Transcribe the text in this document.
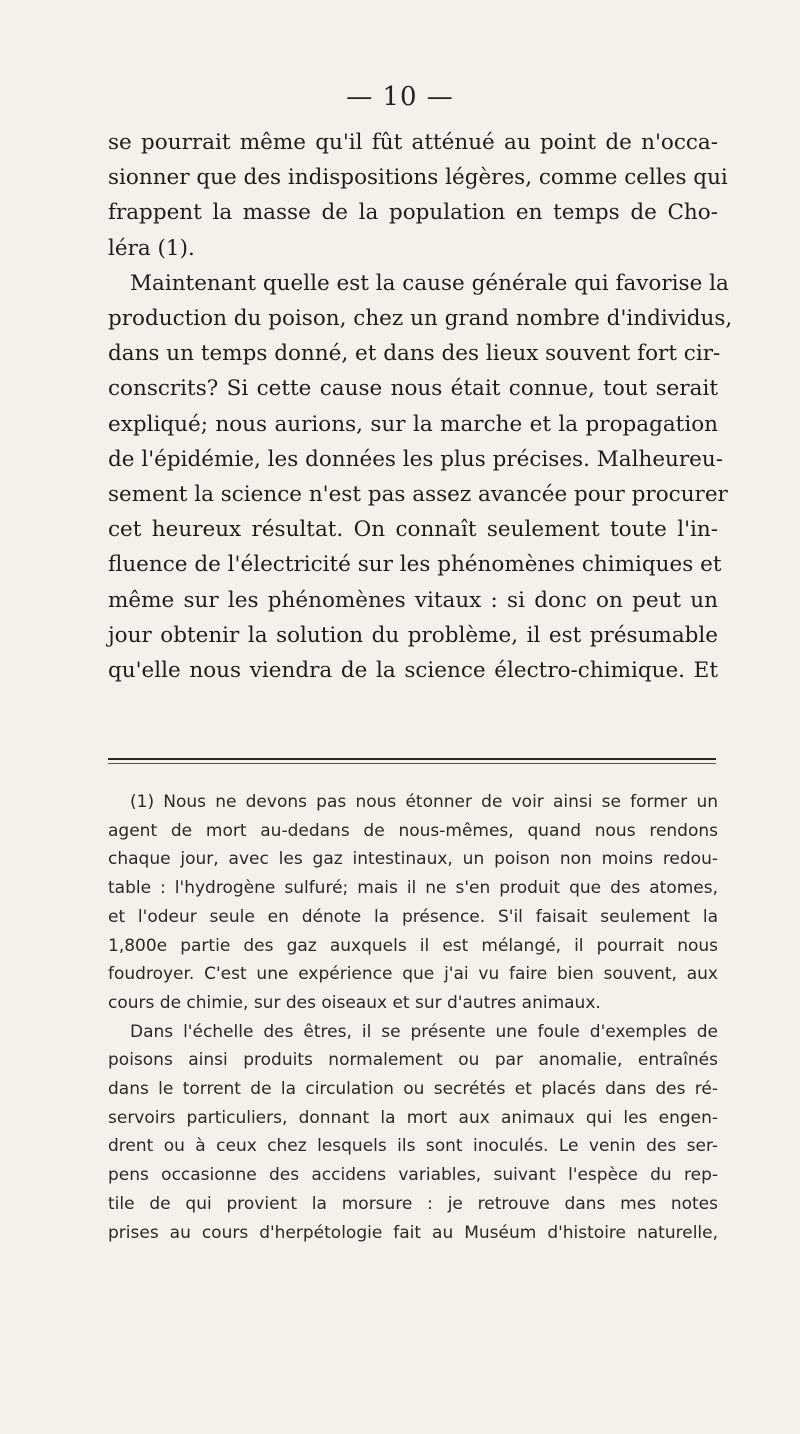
— 10 —
se pourrait même qu'il fût atténué au point de n'occa-
sionner que des indispositions légères, comme celles qui
frappent la masse de la population en temps de Cho-
léra (1).
Maintenant quelle est la cause générale qui favorise la
production du poison, chez un grand nombre d'individus,
dans un temps donné, et dans des lieux souvent fort cir-
conscrits? Si cette cause nous était connue, tout serait
expliqué; nous aurions, sur la marche et la propagation
de l'épidémie, les données les plus précises. Malheureu-
sement la science n'est pas assez avancée pour procurer
cet heureux résultat. On connaît seulement toute l'in-
fluence de l'électricité sur les phénomènes chimiques et
même sur les phénomènes vitaux : si donc on peut un
jour obtenir la solution du problème, il est présumable
qu'elle nous viendra de la science électro-chimique. Et
(1) Nous ne devons pas nous étonner de voir ainsi se former un
agent de mort au-dedans de nous-mêmes, quand nous rendons
chaque jour, avec les gaz intestinaux, un poison non moins redou-
table : l'hydrogène sulfuré; mais il ne s'en produit que des atomes,
et l'odeur seule en dénote la présence. S'il faisait seulement la
1,800e partie des gaz auxquels il est mélangé, il pourrait nous
foudroyer. C'est une expérience que j'ai vu faire bien souvent, aux
cours de chimie, sur des oiseaux et sur d'autres animaux.
Dans l'échelle des êtres, il se présente une foule d'exemples de
poisons ainsi produits normalement ou par anomalie, entraînés
dans le torrent de la circulation ou secrétés et placés dans des ré-
servoirs particuliers, donnant la mort aux animaux qui les engen-
drent ou à ceux chez lesquels ils sont inoculés. Le venin des ser-
pens occasionne des accidens variables, suivant l'espèce du rep-
tile de qui provient la morsure : je retrouve dans mes notes
prises au cours d'herpétologie fait au Muséum d'histoire naturelle,
